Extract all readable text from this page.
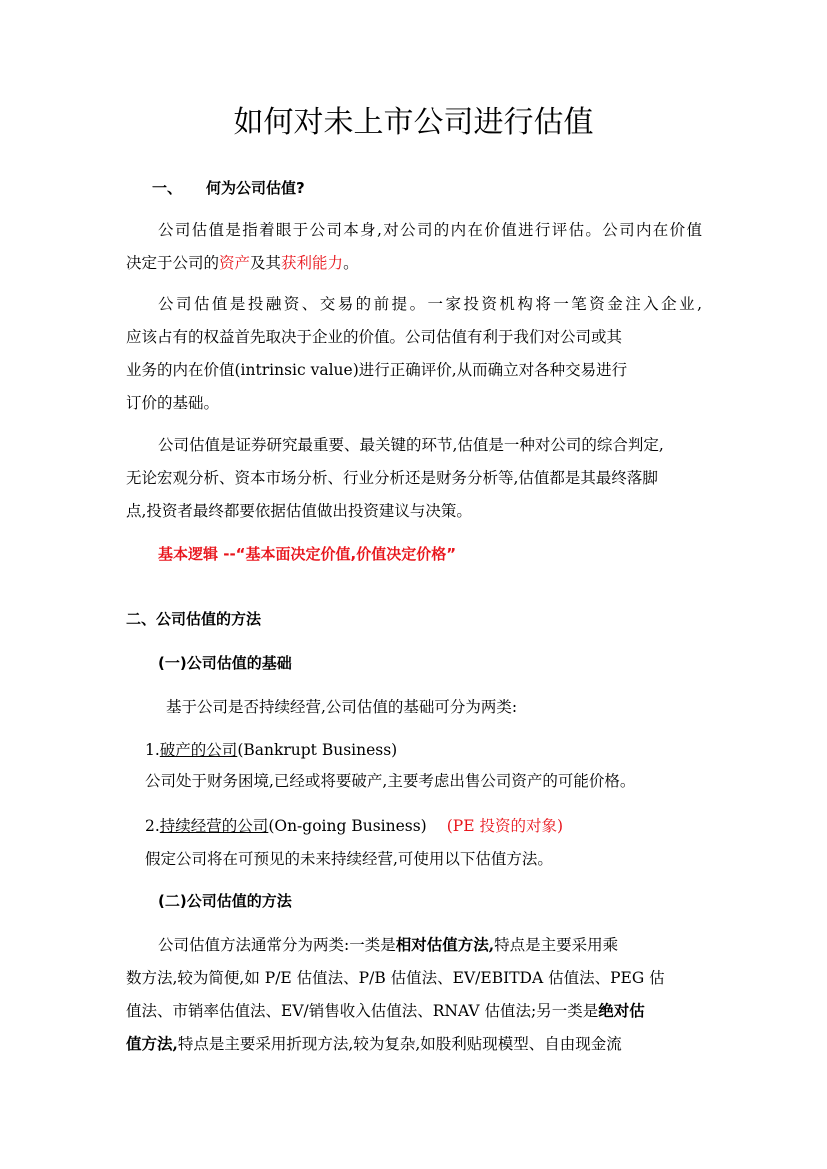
如何对未上市公司进行估值
一、 何为公司估值?
公司估值是指着眼于公司本身,对公司的内在价值进行评估。公司内在价值
决定于公司的资产及其获利能力。
公司估值是投融资、交易的前提。一家投资机构将一笔资金注入企业,
应该占有的权益首先取决于企业的价值。公司估值有利于我们对公司或其
业务的内在价值(intrinsic value)进行正确评价,从而确立对各种交易进行
订价的基础。
公司估值是证券研究最重要、最关键的环节,估值是一种对公司的综合判定,
无论宏观分析、资本市场分析、行业分析还是财务分析等,估值都是其最终落脚
点,投资者最终都要依据估值做出投资建议与决策。
基本逻辑 --“基本面决定价值,价值决定价格”
二、公司估值的方法
(一)公司估值的基础
基于公司是否持续经营,公司估值的基础可分为两类:
1.破产的公司(Bankrupt Business)
公司处于财务困境,已经或将要破产,主要考虑出售公司资产的可能价格。
2.持续经营的公司(On-going Business) (PE 投资的对象)
假定公司将在可预见的未来持续经营,可使用以下估值方法。
(二)公司估值的方法
公司估值方法通常分为两类:一类是相对估值方法,特点是主要采用乘
数方法,较为简便,如 P/E 估值法、P/B 估值法、EV/EBITDA 估值法、PEG 估
值法、市销率估值法、EV/销售收入估值法、RNAV 估值法;另一类是绝对估
值方法,特点是主要采用折现方法,较为复杂,如股利贴现模型、自由现金流
